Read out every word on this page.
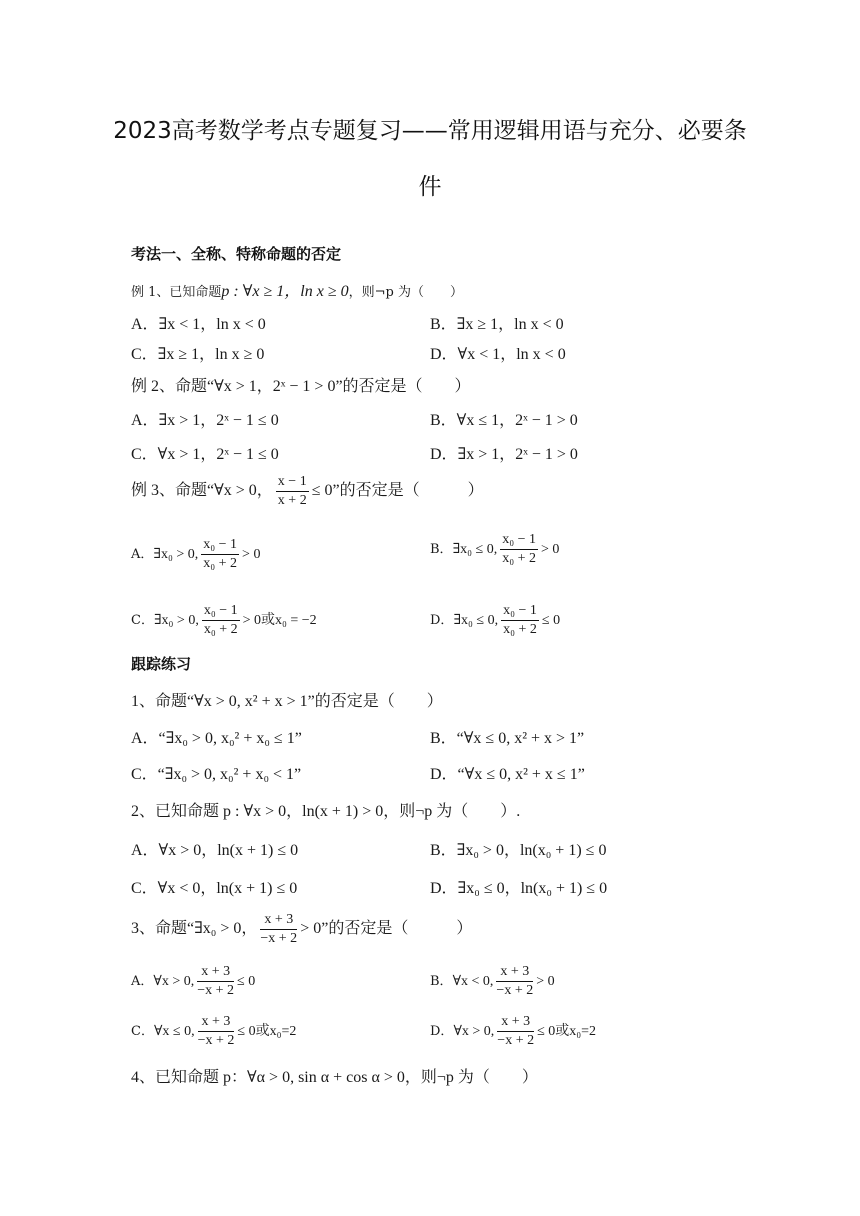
2023高考数学考点专题复习——常用逻辑用语与充分、必要条
件
考法一、全称、特称命题的否定
例 1、已知命题p : ∀x ≥ 1，ln x ≥ 0，则¬p 为（　　）
A．∃x < 1，ln x < 0	B．∃x ≥ 1，ln x < 0
C．∃x ≥ 1，ln x ≥ 0	D．∀x < 1，ln x < 0
例 2、命题“∀x > 1，2ˣ − 1 > 0”的否定是（　　）
A．∃x > 1，2ˣ − 1 ≤ 0	B．∀x ≤ 1，2ˣ − 1 > 0
C．∀x > 1，2ˣ − 1 ≤ 0	D．∃x > 1，2ˣ − 1 > 0
例 3、命题“∀x > 0， $\frac{x - 1}{x + 2} \le 0$”的否定是（　　　）
A．∃x₀ > 0, $\frac{\text{x₀ − 1}}{\text{x₀ + 2}} > 0$	B．∃x₀ ≤ 0, $\frac{\text{x₀ − 1}}{\text{x₀ + 2}} > 0$
C．∃x₀ > 0, $\frac{\text{x₀ − 1}}{\text{x₀ + 2}} > 0$或x₀ = −2	D．∃x₀ ≤ 0, $\frac{\text{x₀ − 1}}{\text{x₀ + 2}} \le 0$
跟踪练习
1、命题“∀x > 0, x² + x > 1”的否定是（　　）
A．“∃x₀ > 0, x₀² + x₀ ≤ 1”	B．“∀x ≤ 0, x² + x > 1”
C．“∃x₀ > 0, x₀² + x₀ < 1”	D．“∀x ≤ 0, x² + x ≤ 1”
2、已知命题 p : ∀x > 0，ln(x + 1) > 0，则¬p 为（　　）.
A．∀x > 0，ln(x + 1) ≤ 0	B．∃x₀ > 0，ln(x₀ + 1) ≤ 0
C．∀x < 0，ln(x + 1) ≤ 0	D．∃x₀ ≤ 0，ln(x₀ + 1) ≤ 0
3、命题“∃x₀ > 0， $\frac{x + 3}{-x + 2} > 0$”的否定是（　　　）
A．∀x > 0, $\frac{x + 3}{-x + 2} \le 0$	B．∀x < 0, $\frac{x + 3}{-x + 2} > 0$
C．∀x ≤ 0, $\frac{x + 3}{-x + 2} \le 0$或x₀=2	D．∀x > 0, $\frac{x + 3}{-x + 2} \le 0$或x₀=2
4、已知命题 p：∀α > 0, sin α + cos α > 0，则¬p 为（　　）
